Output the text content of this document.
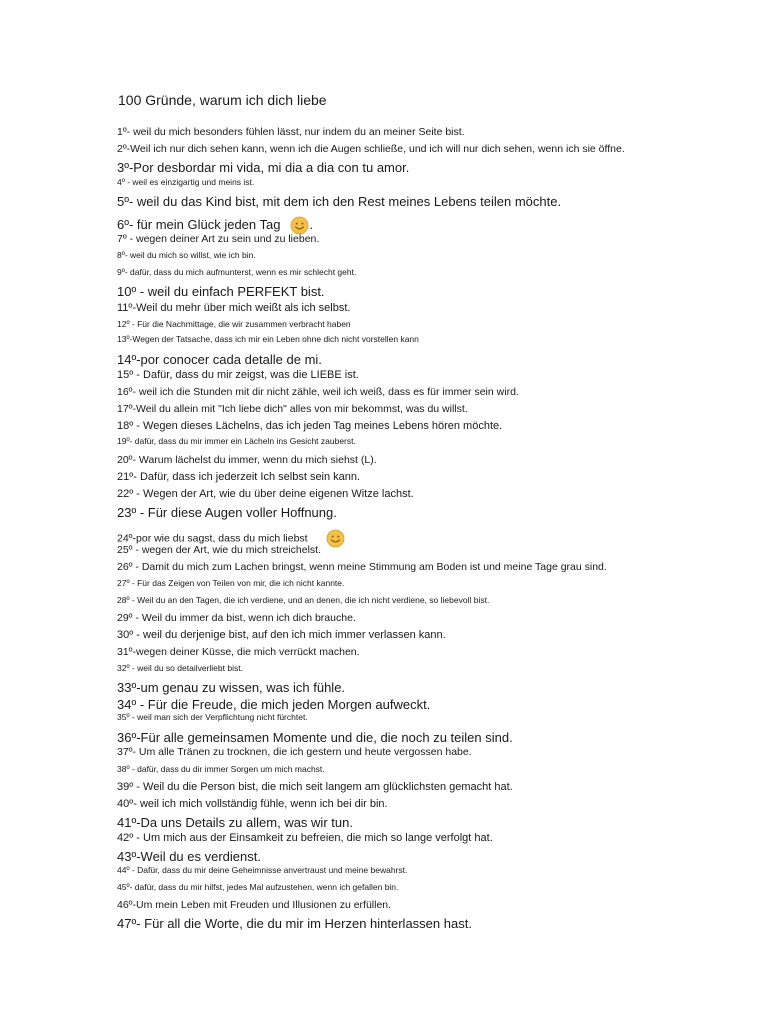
100 Gründe, warum ich dich liebe
1º- weil du mich besonders fühlen lässt, nur indem du an meiner Seite bist.
2º-Weil ich nur dich sehen kann, wenn ich die Augen schließe, und ich will nur dich sehen, wenn ich sie öffne.
3º-Por desbordar mi vida, mi dia a dia con tu amor.
4º - weil es einzigartig und meins ist.
5º- weil du das Kind bist, mit dem ich den Rest meines Lebens teilen möchte.
6º- für mein Glück jeden Tag .
7º - wegen deiner Art zu sein und zu lieben.
8º- weil du mich so willst, wie ich bin.
9º- dafür, dass du mich aufmunterst, wenn es mir schlecht geht.
10º - weil du einfach PERFEKT bist.
11º-Weil du mehr über mich weißt als ich selbst.
12º - Für die Nachmittage, die wir zusammen verbracht haben
13º-Wegen der Tatsache, dass ich mir ein Leben ohne dich nicht vorstellen kann
14º-por conocer cada detalle de mi.
15º - Dafür, dass du mir zeigst, was die LIEBE ist.
16º- weil ich die Stunden mit dir nicht zähle, weil ich weiß, dass es für immer sein wird.
17º-Weil du allein mit "Ich liebe dich" alles von mir bekommst, was du willst.
18º - Wegen dieses Lächelns, das ich jeden Tag meines Lebens hören möchte.
19º- dafür, dass du mir immer ein Lächeln ins Gesicht zauberst.
20º- Warum lächelst du immer, wenn du mich siehst (L).
21º- Dafür, dass ich jederzeit Ich selbst sein kann.
22º - Wegen der Art, wie du über deine eigenen Witze lachst.
23º - Für diese Augen voller Hoffnung.
24º-por wie du sagst, dass du mich liebst
25º - wegen der Art, wie du mich streichelst.
26º - Damit du mich zum Lachen bringst, wenn meine Stimmung am Boden ist und meine Tage grau sind.
27º - Für das Zeigen von Teilen von mir, die ich nicht kannte.
28º - Weil du an den Tagen, die ich verdiene, und an denen, die ich nicht verdiene, so liebevoll bist.
29º - Weil du immer da bist, wenn ich dich brauche.
30º - weil du derjenige bist, auf den ich mich immer verlassen kann.
31º-wegen deiner Küsse, die mich verrückt machen.
32º - weil du so detailverliebt bist.
33º-um genau zu wissen, was ich fühle.
34º - Für die Freude, die mich jeden Morgen aufweckt.
35º - weil man sich der Verpflichtung nicht fürchtet.
36º-Für alle gemeinsamen Momente und die, die noch zu teilen sind.
37º- Um alle Tränen zu trocknen, die ich gestern und heute vergossen habe.
38º - dafür, dass du dir immer Sorgen um mich machst.
39º - Weil du die Person bist, die mich seit langem am glücklichsten gemacht hat.
40º- weil ich mich vollständig fühle, wenn ich bei dir bin.
41º-Da uns Details zu allem, was wir tun.
42º - Um mich aus der Einsamkeit zu befreien, die mich so lange verfolgt hat.
43º-Weil du es verdienst.
44º - Dafür, dass du mir deine Geheimnisse anvertraust und meine bewahrst.
45º- dafür, dass du mir hilfst, jedes Mal aufzustehen, wenn ich gefallen bin.
46º-Um mein Leben mit Freuden und Illusionen zu erfüllen.
47º- Für all die Worte, die du mir im Herzen hinterlassen hast.
